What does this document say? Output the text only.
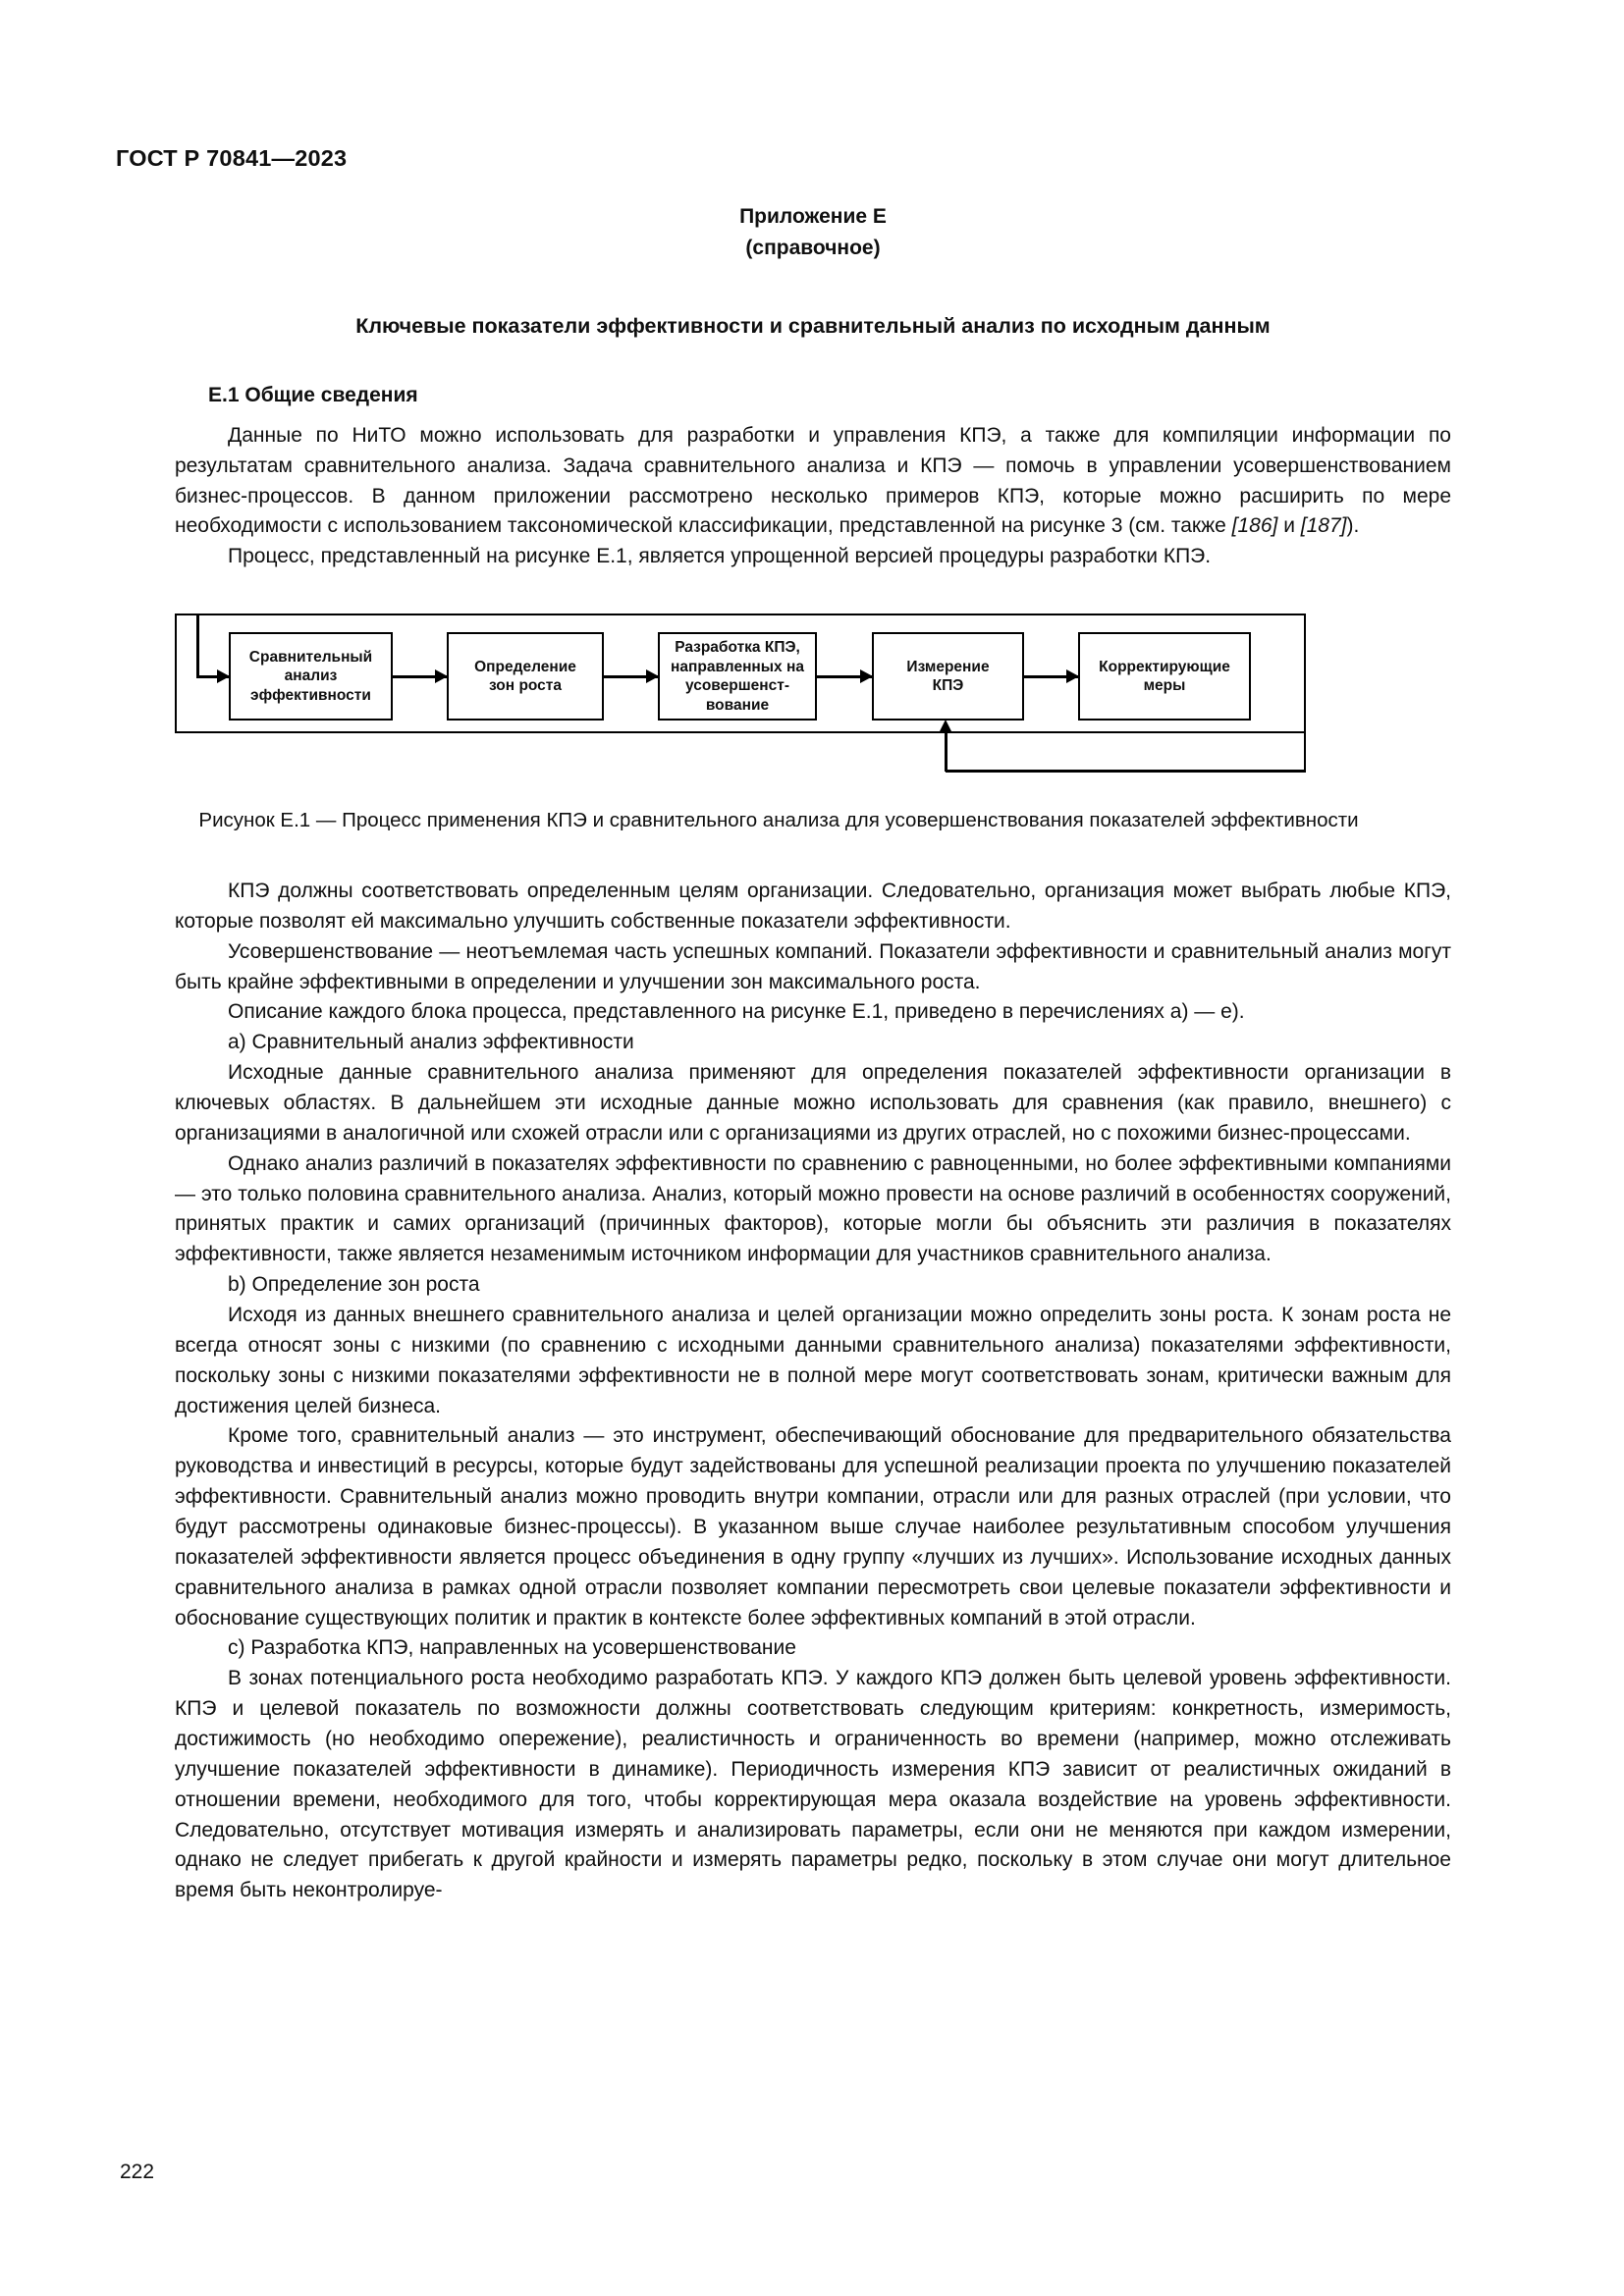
ГОСТ Р 70841—2023
Приложение Е
(справочное)
Ключевые показатели эффективности и сравнительный анализ по исходным данным
E.1 Общие сведения

Данные по НиТО можно использовать для разработки и управления КПЭ, а также для компиляции информации по результатам сравнительного анализа. Задача сравнительного анализа и КПЭ — помочь в управлении усовершенствованием бизнес-процессов. В данном приложении рассмотрено несколько примеров КПЭ, которые можно расширить по мере необходимости с использованием таксономической классификации, представленной на рисунке 3 (см. также [186] и [187]).

Процесс, представленный на рисунке Е.1, является упрощенной версией процедуры разработки КПЭ.

Сравнительный
анализ
эффективности
Определение
зон роста
Разработка КПЭ,
направленных на
усовершенст-
вование
Измерение
КПЭ
Корректирующие
меры
Рисунок Е.1 — Процесс применения КПЭ и сравнительного анализа для усовершенствования показателей эффективности

КПЭ должны соответствовать определенным целям организации. Следовательно, организация может выбрать любые КПЭ, которые позволят ей максимально улучшить собственные показатели эффективности.

Усовершенствование — неотъемлемая часть успешных компаний. Показатели эффективности и сравнительный анализ могут быть крайне эффективными в определении и улучшении зон максимального роста.

Описание каждого блока процесса, представленного на рисунке Е.1, приведено в перечислениях а) — е).

a) Сравнительный анализ эффективности

Исходные данные сравнительного анализа применяют для определения показателей эффективности организации в ключевых областях. В дальнейшем эти исходные данные можно использовать для сравнения (как правило, внешнего) с организациями в аналогичной или схожей отрасли или с организациями из других отраслей, но с похожими бизнес-процессами.

Однако анализ различий в показателях эффективности по сравнению с равноценными, но более эффективными компаниями — это только половина сравнительного анализа. Анализ, который можно провести на основе различий в особенностях сооружений, принятых практик и самих организаций (причинных факторов), которые могли бы объяснить эти различия в показателях эффективности, также является незаменимым источником информации для участников сравнительного анализа.

b) Определение зон роста

Исходя из данных внешнего сравнительного анализа и целей организации можно определить зоны роста. К зонам роста не всегда относят зоны с низкими (по сравнению с исходными данными сравнительного анализа) показателями эффективности, поскольку зоны с низкими показателями эффективности не в полной мере могут соответствовать зонам, критически важным для достижения целей бизнеса.

Кроме того, сравнительный анализ — это инструмент, обеспечивающий обоснование для предварительного обязательства руководства и инвестиций в ресурсы, которые будут задействованы для успешной реализации проекта по улучшению показателей эффективности. Сравнительный анализ можно проводить внутри компании, отрасли или для разных отраслей (при условии, что будут рассмотрены одинаковые бизнес-процессы). В указанном выше случае наиболее результативным способом улучшения показателей эффективности является процесс объединения в одну группу «лучших из лучших». Использование исходных данных сравнительного анализа в рамках одной отрасли позволяет компании пересмотреть свои целевые показатели эффективности и обоснование существующих политик и практик в контексте более эффективных компаний в этой отрасли.

c) Разработка КПЭ, направленных на усовершенствование

В зонах потенциального роста необходимо разработать КПЭ. У каждого КПЭ должен быть целевой уровень эффективности. КПЭ и целевой показатель по возможности должны соответствовать следующим критериям: конкретность, измеримость, достижимость (но необходимо опережение), реалистичность и ограниченность во времени (например, можно отслеживать улучшение показателей эффективности в динамике). Периодичность измерения КПЭ зависит от реалистичных ожиданий в отношении времени, необходимого для того, чтобы корректирующая мера оказала воздействие на уровень эффективности. Следовательно, отсутствует мотивация измерять и анализировать параметры, если они не меняются при каждом измерении, однако не следует прибегать к другой крайности и измерять параметры редко, поскольку в этом случае они могут длительное время быть неконтролируе-

222
